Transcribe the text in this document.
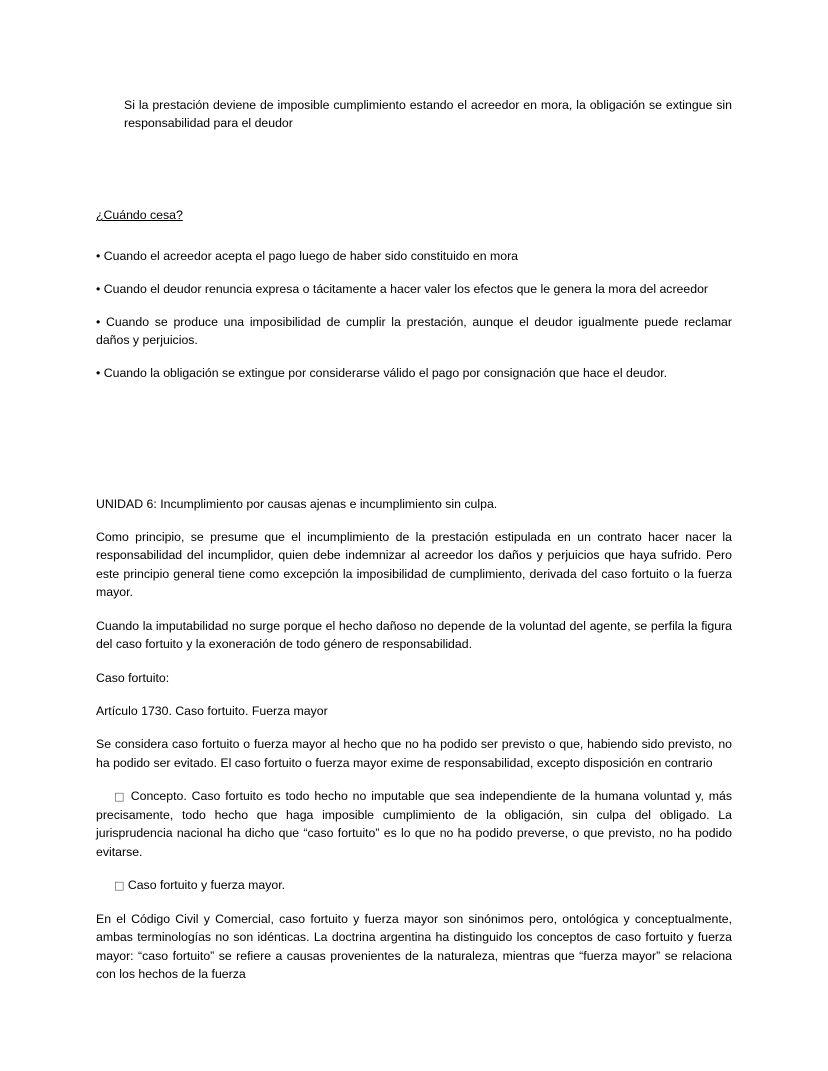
Si la prestación deviene de imposible cumplimiento estando el acreedor en mora, la obligación se extingue sin responsabilidad para el deudor

¿Cuándo cesa?

• Cuando el acreedor acepta el pago luego de haber sido constituido en mora

• Cuando el deudor renuncia expresa o tácitamente a hacer valer los efectos que le genera la mora del acreedor

• Cuando se produce una imposibilidad de cumplir la prestación, aunque el deudor igualmente puede reclamar daños y perjuicios.

• Cuando la obligación se extingue por considerarse válido el pago por consignación que hace el deudor.

UNIDAD 6: Incumplimiento por causas ajenas e incumplimiento sin culpa.

Como principio, se presume que el incumplimiento de la prestación estipulada en un contrato hacer nacer la responsabilidad del incumplidor, quien debe indemnizar al acreedor los daños y perjuicios que haya sufrido. Pero este principio general tiene como excepción la imposibilidad de cumplimiento, derivada del caso fortuito o la fuerza mayor.

Cuando la imputabilidad no surge porque el hecho dañoso no depende de la voluntad del agente, se perfila la figura del caso fortuito y la exoneración de todo género de responsabilidad.

Caso fortuito:

Artículo 1730. Caso fortuito. Fuerza mayor

Se considera caso fortuito o fuerza mayor al hecho que no ha podido ser previsto o que, habiendo sido previsto, no ha podido ser evitado. El caso fortuito o fuerza mayor exime de responsabilidad, excepto disposición en contrario

□ Concepto. Caso fortuito es todo hecho no imputable que sea independiente de la humana voluntad y, más precisamente, todo hecho que haga imposible cumplimiento de la obligación, sin culpa del obligado. La jurisprudencia nacional ha dicho que “caso fortuito” es lo que no ha podido preverse, o que previsto, no ha podido evitarse.

□ Caso fortuito y fuerza mayor.

En el Código Civil y Comercial, caso fortuito y fuerza mayor son sinónimos pero, ontológica y conceptualmente, ambas terminologías no son idénticas. La doctrina argentina ha distinguido los conceptos de caso fortuito y fuerza mayor: “caso fortuito” se refiere a causas provenientes de la naturaleza, mientras que “fuerza mayor” se relaciona con los hechos de la fuerza
